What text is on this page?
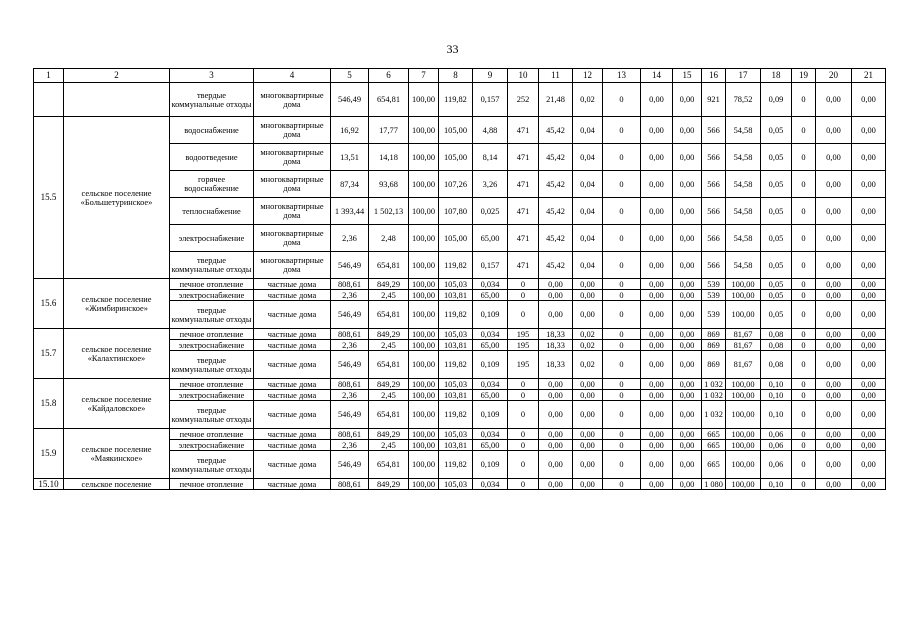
33
1	2	3	4	5	6	7	8	9	10	11	12	13	14	15	16	17	18	19	20	21
		твердые коммунальные отходы	многоквартирные дома	546,49	654,81	100,00	119,82	0,157	252	21,48	0,02	0	0,00	0,00	921	78,52	0,09	0	0,00	0,00
15.5	сельское поселение «Большетуринское»	водоснабжение	многоквартирные дома	16,92	17,77	100,00	105,00	4,88	471	45,42	0,04	0	0,00	0,00	566	54,58	0,05	0	0,00	0,00
		водоотведение	многоквартирные дома	13,51	14,18	100,00	105,00	8,14	471	45,42	0,04	0	0,00	0,00	566	54,58	0,05	0	0,00	0,00
		горячее водоснабжение	многоквартирные дома	87,34	93,68	100,00	107,26	3,26	471	45,42	0,04	0	0,00	0,00	566	54,58	0,05	0	0,00	0,00
		теплоснабжение	многоквартирные дома	1 393,44	1 502,13	100,00	107,80	0,025	471	45,42	0,04	0	0,00	0,00	566	54,58	0,05	0	0,00	0,00
		электроснабжение	многоквартирные дома	2,36	2,48	100,00	105,00	65,00	471	45,42	0,04	0	0,00	0,00	566	54,58	0,05	0	0,00	0,00
		твердые коммунальные отходы	многоквартирные дома	546,49	654,81	100,00	119,82	0,157	471	45,42	0,04	0	0,00	0,00	566	54,58	0,05	0	0,00	0,00
15.6	сельское поселение «Жимбиринское»	печное отопление	частные дома	808,61	849,29	100,00	105,03	0,034	0	0,00	0,00	0	0,00	0,00	539	100,00	0,05	0	0,00	0,00
		электроснабжение	частные дома	2,36	2,45	100,00	103,81	65,00	0	0,00	0,00	0	0,00	0,00	539	100,00	0,05	0	0,00	0,00
		твердые коммунальные отходы	частные дома	546,49	654,81	100,00	119,82	0,109	0	0,00	0,00	0	0,00	0,00	539	100,00	0,05	0	0,00	0,00
15.7	сельское поселение «Калахтинское»	печное отопление	частные дома	808,61	849,29	100,00	105,03	0,034	195	18,33	0,02	0	0,00	0,00	869	81,67	0,08	0	0,00	0,00
		электроснабжение	частные дома	2,36	2,45	100,00	103,81	65,00	195	18,33	0,02	0	0,00	0,00	869	81,67	0,08	0	0,00	0,00
		твердые коммунальные отходы	частные дома	546,49	654,81	100,00	119,82	0,109	195	18,33	0,02	0	0,00	0,00	869	81,67	0,08	0	0,00	0,00
15.8	сельское поселение «Кайдаловское»	печное отопление	частные дома	808,61	849,29	100,00	105,03	0,034	0	0,00	0,00	0	0,00	0,00	1 032	100,00	0,10	0	0,00	0,00
		электроснабжение	частные дома	2,36	2,45	100,00	103,81	65,00	0	0,00	0,00	0	0,00	0,00	1 032	100,00	0,10	0	0,00	0,00
		твердые коммунальные отходы	частные дома	546,49	654,81	100,00	119,82	0,109	0	0,00	0,00	0	0,00	0,00	1 032	100,00	0,10	0	0,00	0,00
15.9	сельское поселение «Маякинское»	печное отопление	частные дома	808,61	849,29	100,00	105,03	0,034	0	0,00	0,00	0	0,00	0,00	665	100,00	0,06	0	0,00	0,00
		электроснабжение	частные дома	2,36	2,45	100,00	103,81	65,00	0	0,00	0,00	0	0,00	0,00	665	100,00	0,06	0	0,00	0,00
		твердые коммунальные отходы	частные дома	546,49	654,81	100,00	119,82	0,109	0	0,00	0,00	0	0,00	0,00	665	100,00	0,06	0	0,00	0,00
15.10	сельское поселение	печное отопление	частные дома	808,61	849,29	100,00	105,03	0,034	0	0,00	0,00	0	0,00	0,00	1 080	100,00	0,10	0	0,00	0,00
